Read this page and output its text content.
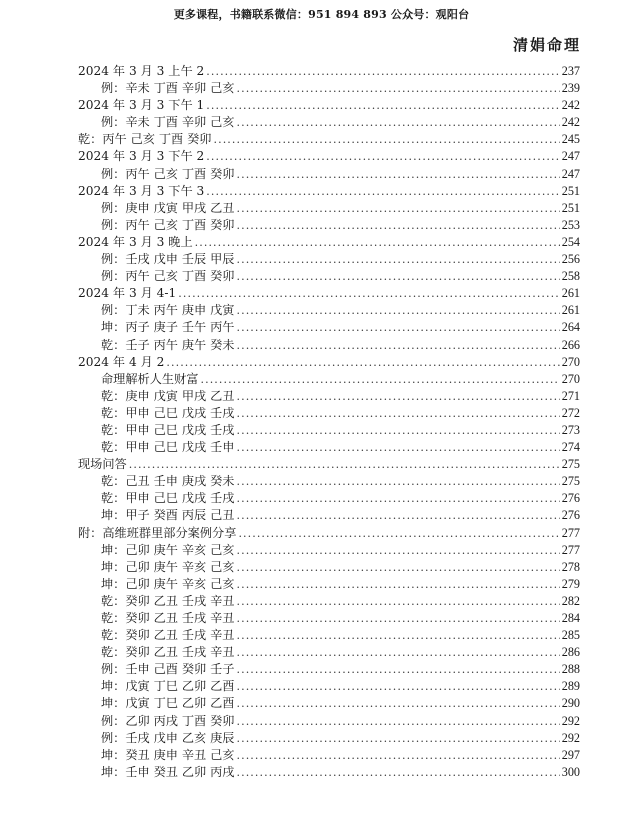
更多课程，书籍联系微信：951 894 893 公众号：观阳台
清娟命理
2024 年 3 月 3 上午 2 .....	237
例：辛未 丁酉 辛卯 己亥 .....	239
2024 年 3 月 3 下午 1 .....	242
例：辛未 丁酉 辛卯 己亥 .....	242
乾：丙午 己亥 丁酉 癸卯 .....	245
2024 年 3 月 3 下午 2 .....	247
例：丙午 己亥 丁酉 癸卯 .....	247
2024 年 3 月 3 下午 3 .....	251
例：庚申 戊寅 甲戌 乙丑 .....	251
例：丙午 己亥 丁酉 癸卯 .....	253
2024 年 3 月 3 晚上 .....	254
例：壬戌 戊申 壬辰 甲辰 .....	256
例：丙午 己亥 丁酉 癸卯 .....	258
2024 年 3 月 4-1 .....	261
例：丁未 丙午 庚申 戊寅 .....	261
坤：丙子 庚子 壬午 丙午 .....	264
乾：壬子 丙午 庚午 癸未 .....	266
2024 年 4 月 2 .....	270
命理解析人生财富 .....	270
乾：庚申 戊寅 甲戌 乙丑 .....	271
乾：甲申 己巳 戊戌 壬戌 .....	272
乾：甲申 己巳 戊戌 壬戌 .....	273
乾：甲申 己巳 戊戌 壬申 .....	274
现场问答 .....	275
乾：己丑 壬申 庚戌 癸未 .....	275
乾：甲申 己巳 戊戌 壬戌 .....	276
坤：甲子 癸酉 丙辰 己丑 .....	276
附：高维班群里部分案例分享 .....	277
坤：己卯 庚午 辛亥 己亥 .....	277
坤：己卯 庚午 辛亥 己亥 .....	278
坤：己卯 庚午 辛亥 己亥 .....	279
乾：癸卯 乙丑 壬戌 辛丑 .....	282
乾：癸卯 乙丑 壬戌 辛丑 .....	284
乾：癸卯 乙丑 壬戌 辛丑 .....	285
乾：癸卯 乙丑 壬戌 辛丑 .....	286
例：壬申 己酉 癸卯 壬子 .....	288
坤：戊寅 丁巳 乙卯 乙酉 .....	289
坤：戊寅 丁巳 乙卯 乙酉 .....	290
例：乙卯 丙戌 丁酉 癸卯 .....	292
例：壬戌 戊申 乙亥 庚辰 .....	292
坤：癸丑 庚申 辛丑 己亥 .....	297
坤：壬申 癸丑 乙卯 丙戌 .....	300
